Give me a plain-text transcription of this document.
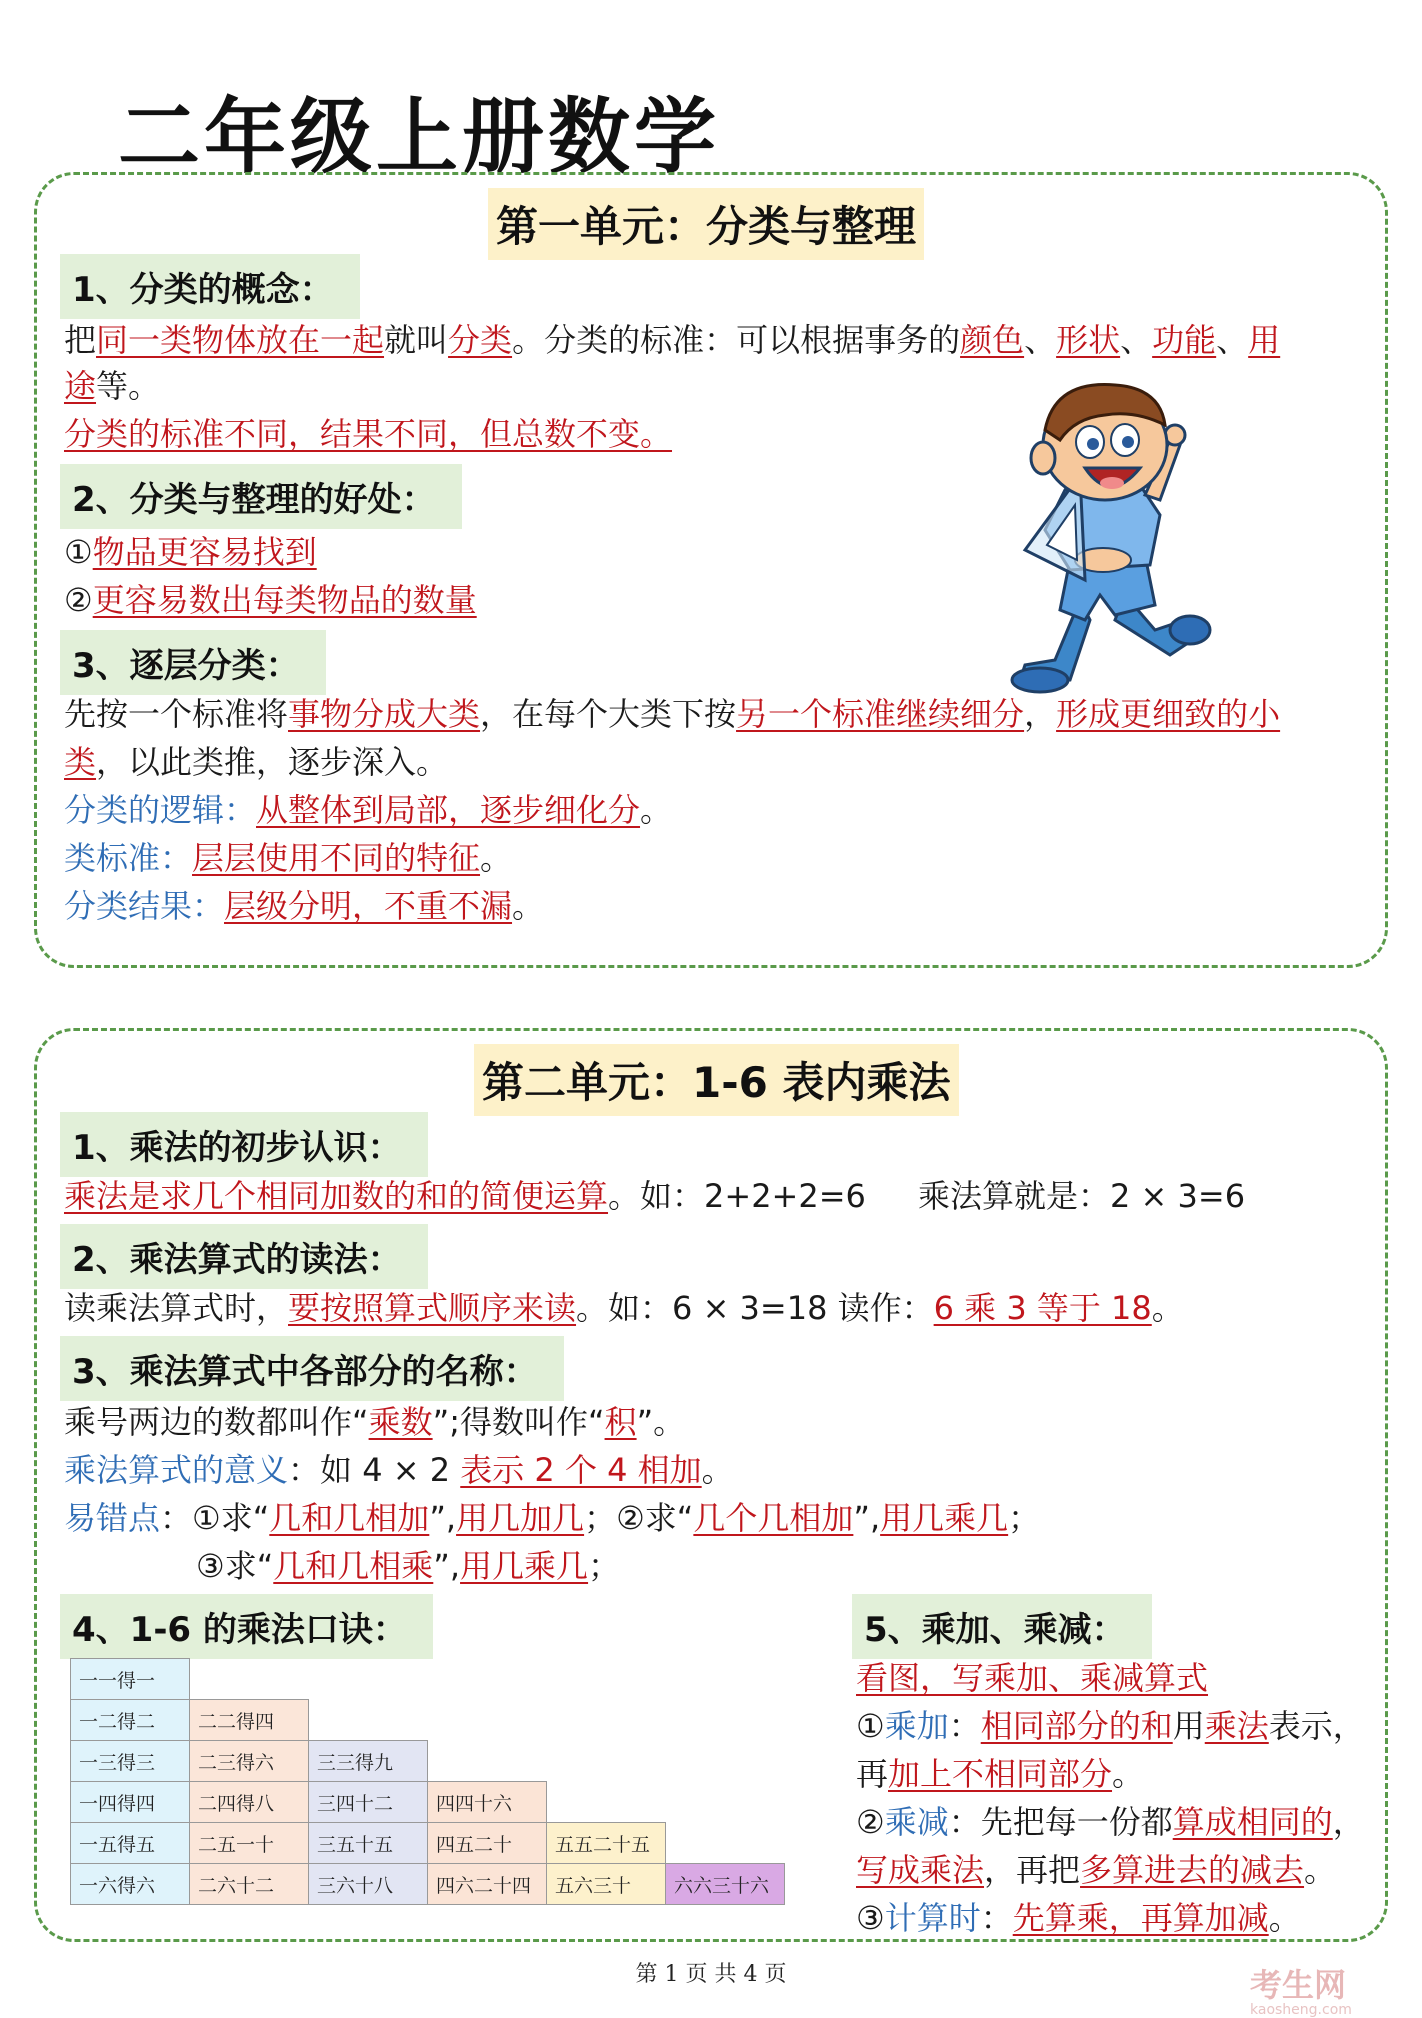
二年级上册数学
第一单元：分类与整理
1、分类的概念：
把同一类物体放在一起就叫分类。分类的标准：可以根据事务的颜色、形状、功能、用
途等。
分类的标准不同，结果不同，但总数不变。
2、分类与整理的好处：
①物品更容易找到
②更容易数出每类物品的数量
3、逐层分类：
先按一个标准将事物分成大类，在每个大类下按另一个标准继续细分，形成更细致的小
类，以此类推，逐步深入。
分类的逻辑：从整体到局部，逐步细化分。
类标准：层层使用不同的特征。
分类结果：层级分明，不重不漏。
第二单元：1-6 表内乘法
1、乘法的初步认识：
乘法是求几个相同加数的和的简便运算。如：2+2+2=6 乘法算就是：2 × 3=6
2、乘法算式的读法：
读乘法算式时，要按照算式顺序来读。如：6 × 3=18 读作：6 乘 3 等于 18。
3、乘法算式中各部分的名称：
乘号两边的数都叫作“乘数”;得数叫作“积”。
乘法算式的意义：如 4 × 2 表示 2 个 4 相加。
易错点：①求“几和几相加”,用几加几；②求“几个几相加”,用几乘几；
③求“几和几相乘”,用几乘几；
4、1-6 的乘法口诀：
一一得一					
一二得二	二二得四				
一三得三	二三得六	三三得九			
一四得四	二四得八	三四十二	四四十六		
一五得五	二五一十	三五十五	四五二十	五五二十五	
一六得六	二六十二	三六十八	四六二十四	五六三十	六六三十六
5、乘加、乘减：
看图，写乘加、乘减算式
①乘加：相同部分的和用乘法表示，
再加上不相同部分。
②乘减：先把每一份都算成相同的，
写成乘法，再把多算进去的减去。
③计算时：先算乘，再算加减。
第 1 页 共 4 页	考生网
kaosheng.com
